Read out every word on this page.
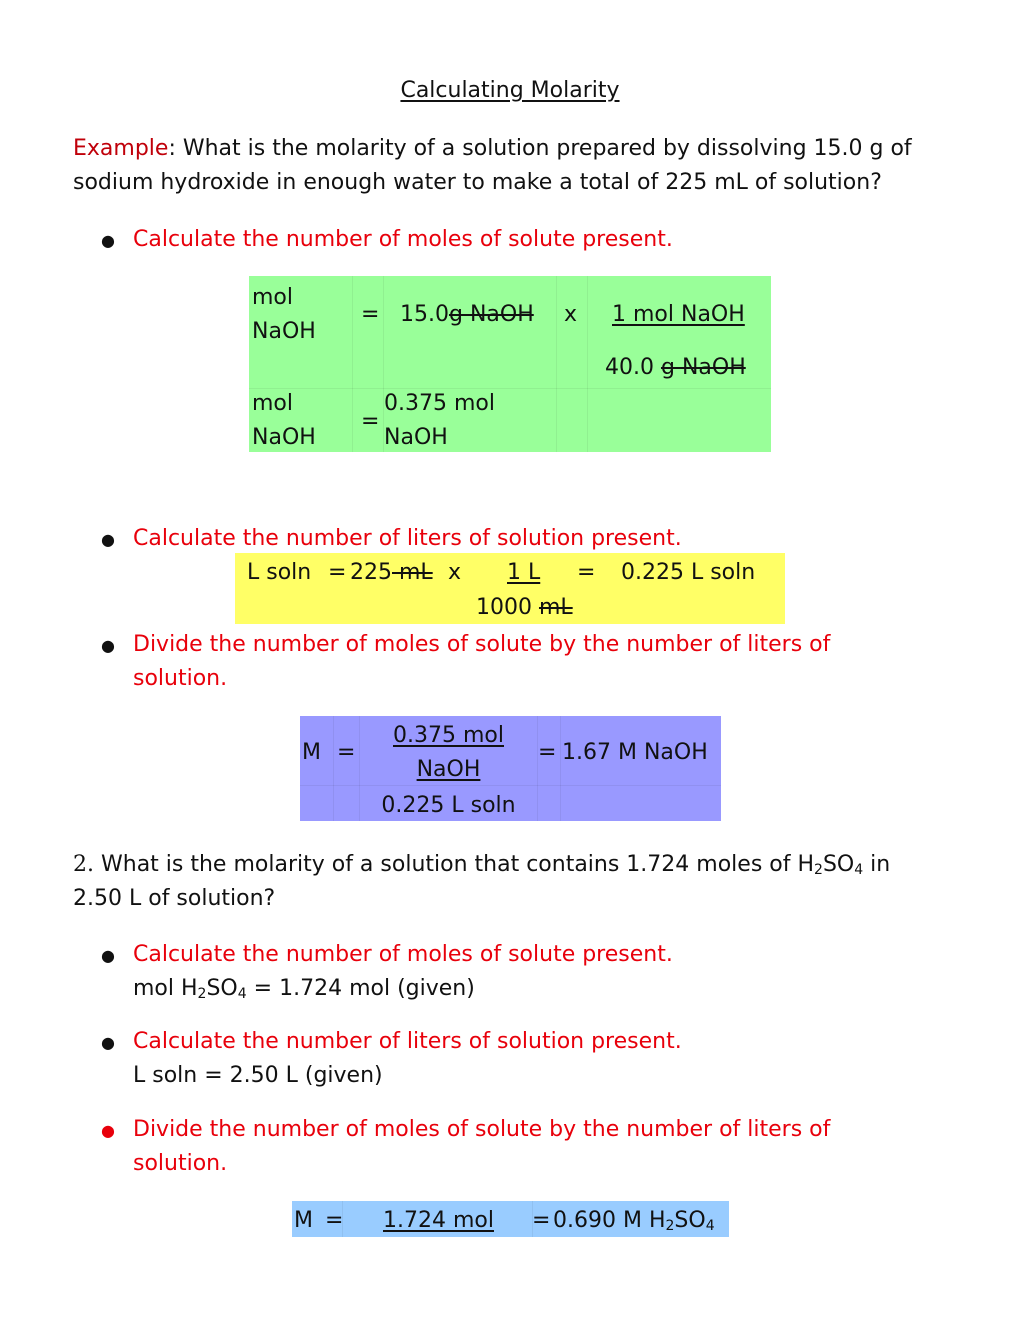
Calculating Molarity
Example: What is the molarity of a solution prepared by dissolving 15.0 g of
sodium hydroxide in enough water to make a total of 225 mL of solution?
● Calculate the number of moles of solute present.
mol
NaOH
= 15.0g NaOH x 1 mol NaOH
40.0 g NaOH
mol
NaOH
=
0.375 mol
NaOH
● Calculate the number of liters of solution present.
L soln = 225 mL x 1 L = 0.225 L soln
1000 mL
● Divide the number of moles of solute by the number of liters of
solution.
M =
0.375 mol
NaOH
= 1.67 M NaOH
0.225 L soln
2. What is the molarity of a solution that contains 1.724 moles of $H_2SO_4$ in
2.50 L of solution?
● Calculate the number of moles of solute present.
mol $H_2SO_4 = 1.724$ mol (given)
● Calculate the number of liters of solution present.
L soln = 2.50 L (given)
● Divide the number of moles of solute by the number of liters of
solution.
M = 1.724 mol = 0.690 M $H_2SO_4$
